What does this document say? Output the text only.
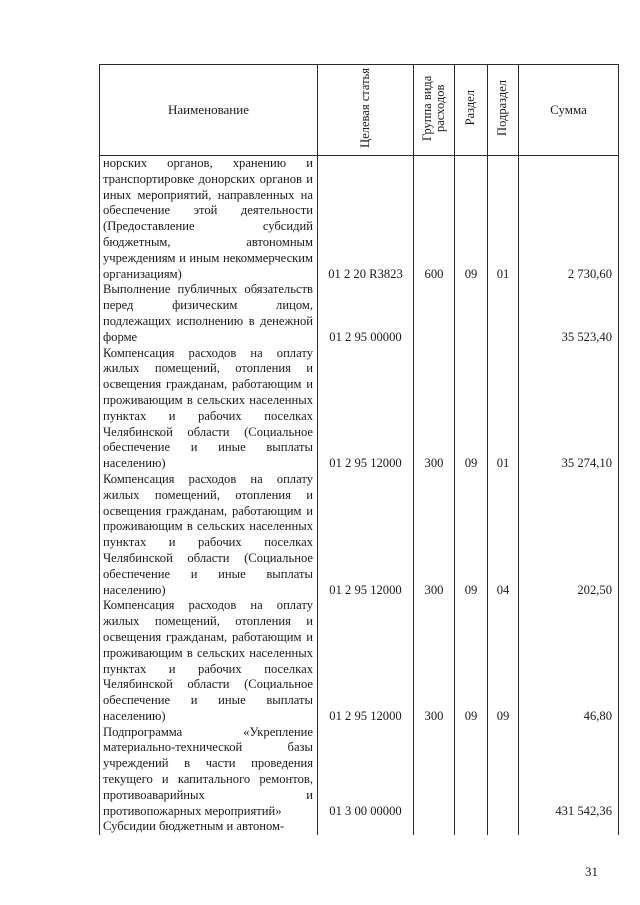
Наименование	Целевая статья	Группа вида расходов	Раздел	Подраздел	Сумма
норских органов, хранению и транспортировке донорских органов и иных мероприятий, направленных на обеспечение этой деятельности (Предоставление субсидий бюджетным, автономным учреждениям и иным некоммерческим организациям)	01 2 20 R3823	600	09	01	2 730,60
Выполнение публичных обязательств перед физическим лицом, подлежащих исполнению в денежной форме	01 2 95 00000				35 523,40
Компенсация расходов на оплату жилых помещений, отопления и освещения гражданам, работающим и проживающим в сельских населенных пунктах и рабочих поселках Челябинской области (Социальное обеспечение и иные выплаты населению)	01 2 95 12000	300	09	01	35 274,10
Компенсация расходов на оплату жилых помещений, отопления и освещения гражданам, работающим и проживающим в сельских населенных пунктах и рабочих поселках Челябинской области (Социальное обеспечение и иные выплаты населению)	01 2 95 12000	300	09	04	202,50
Компенсация расходов на оплату жилых помещений, отопления и освещения гражданам, работающим и проживающим в сельских населенных пунктах и рабочих поселках Челябинской области (Социальное обеспечение и иные выплаты населению)	01 2 95 12000	300	09	09	46,80
Подпрограмма «Укрепление материально-технической базы учреждений в части проведения текущего и капитального ремонтов, противоаварийных и противопожарных мероприятий»	01 3 00 00000				431 542,36
Субсидии бюджетным и автоном-					
31
